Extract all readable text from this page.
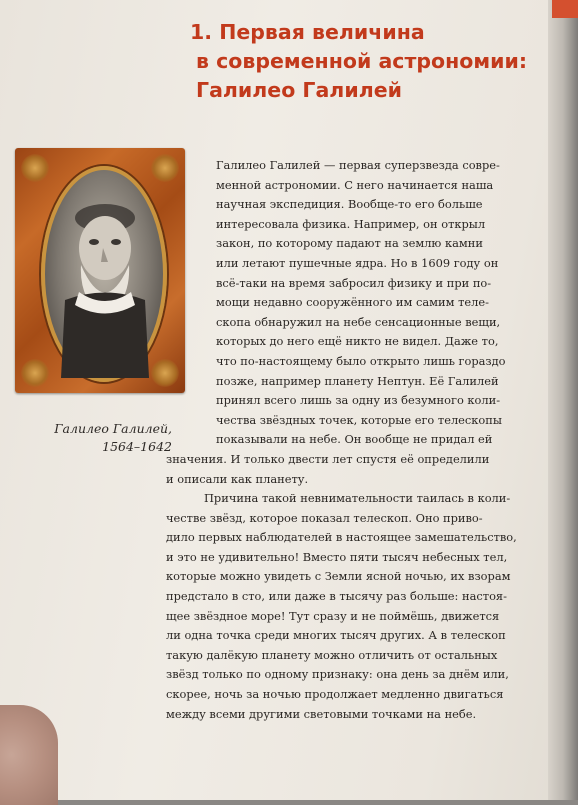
1. Первая величина
в современной астрономии:
Галилео Галилей
Галилео Галилей,
1564–1642
Галилео Галилей — первая суперзвезда совре-
менной астрономии. С него начинается наша
научная экспедиция. Вообще-то его больше
интересовала физика. Например, он открыл
закон, по которому падают на землю камни
или летают пушечные ядра. Но в 1609 году он
всё-таки на время забросил физику и при по-
мощи недавно сооружённого им самим теле-
скопа обнаружил на небе сенсационные вещи,
которых до него ещё никто не видел. Даже то,
что по-настоящему было открыто лишь гораздо
позже, например планету Нептун. Её Галилей
принял всего лишь за одну из безумного коли-
чества звёздных точек, которые его телескопы
показывали на небе. Он вообще не придал ей
значения. И только двести лет спустя её определили
и описали как планету.
Причина такой невнимательности таилась в коли-
честве звёзд, которое показал телескоп. Оно приво-
дило первых наблюдателей в настоящее замешательство,
и это не удивительно! Вместо пяти тысяч небесных тел,
которые можно увидеть с Земли ясной ночью, их взорам
предстало в сто, или даже в тысячу раз больше: настоя-
щее звёздное море! Тут сразу и не поймёшь, движется
ли одна точка среди многих тысяч других. А в телескоп
такую далёкую планету можно отличить от остальных
звёзд только по одному признаку: она день за днём или,
скорее, ночь за ночью продолжает медленно двигаться
между всеми другими световыми точками на небе.
